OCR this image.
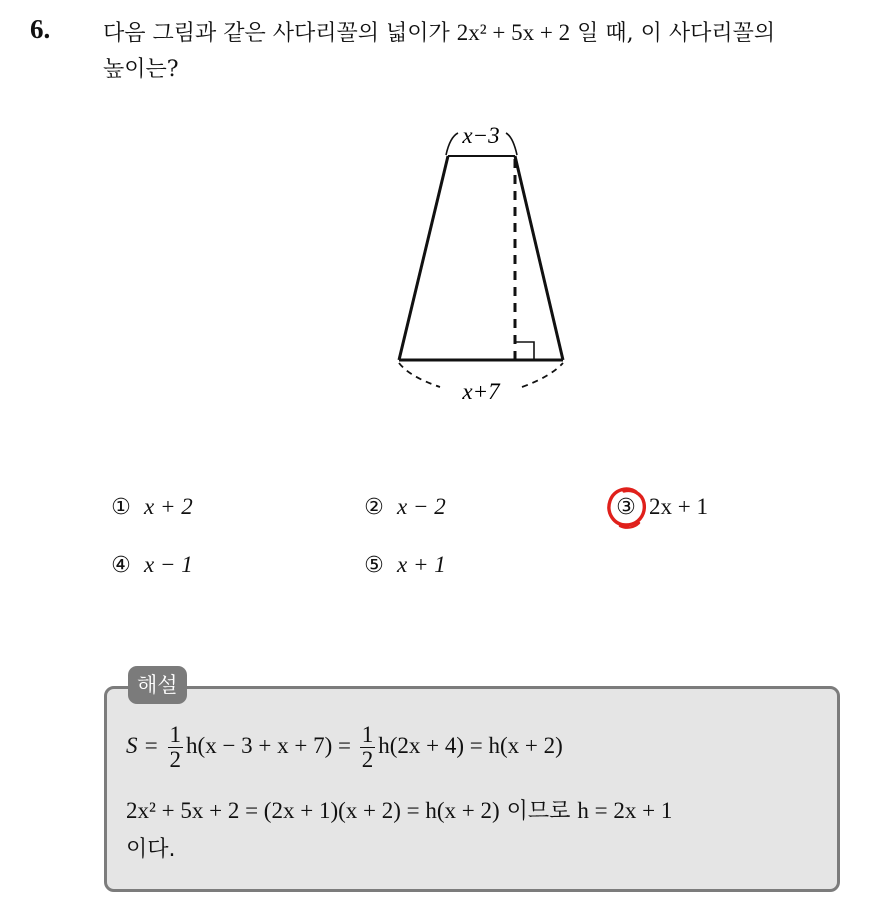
6. 다음 그림과 같은 사다리꼴의 넓이가 2x² + 5x + 2 일 때, 이 사다리꼴의
높이는?
x−3
x+7
① x + 2	② x − 2	③ 2x + 1
④ x − 1	⑤ x + 1
해설
$S = \frac{1}{2} h(x - 3 + x + 7) = \frac{1}{2} h(2x + 4) = h(x + 2)$
2x² + 5x + 2 = (2x + 1)(x + 2) = h(x + 2) 이므로 h = 2x + 1
이다.
